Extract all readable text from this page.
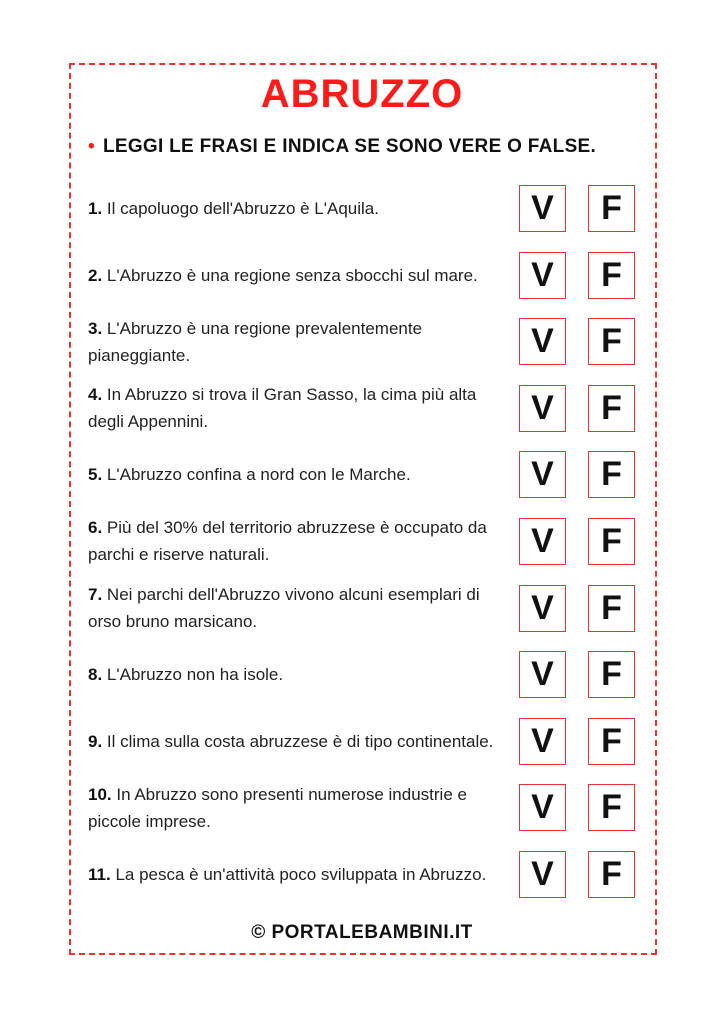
ABRUZZO
• LEGGI LE FRASI E INDICA SE SONO VERE O FALSE.
1. Il capoluogo dell'Abruzzo è L'Aquila.	V	F
2. L'Abruzzo è una regione senza sbocchi sul mare.	V	F
3. L'Abruzzo è una regione prevalentemente pianeggiante.	V	F
4. In Abruzzo si trova il Gran Sasso, la cima più alta degli Appennini.	V	F
5. L'Abruzzo confina a nord con le Marche.	V	F
6. Più del 30% del territorio abruzzese è occupato da parchi e riserve naturali.	V	F
7. Nei parchi dell'Abruzzo vivono alcuni esemplari di orso bruno marsicano.	V	F
8. L'Abruzzo non ha isole.	V	F
9. Il clima sulla costa abruzzese è di tipo continentale.	V	F
10. In Abruzzo sono presenti numerose industrie e piccole imprese.	V	F
11. La pesca è un'attività poco sviluppata in Abruzzo.	V	F
© PORTALEBAMBINI.IT
